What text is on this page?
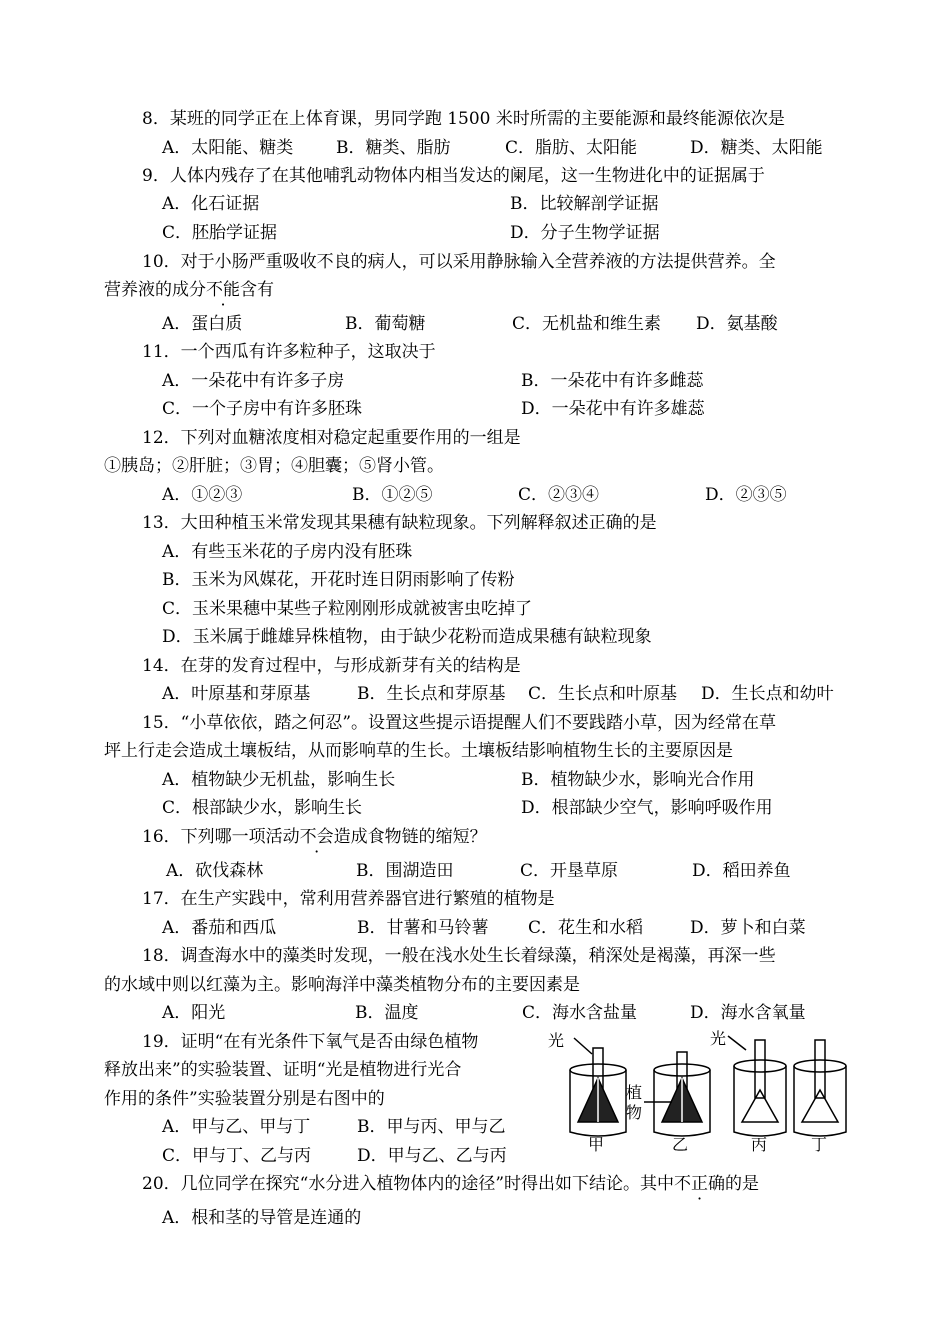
8．某班的同学正在上体育课，男同学跑 1500 米时所需的主要能源和最终能源依次是
A．太阳能、糖类	B．糖类、脂肪	C．脂肪、太阳能	D．糖类、太阳能
9．人体内残存了在其他哺乳动物体内相当发达的阑尾，这一生物进化中的证据属于
A．化石证据	B．比较解剖学证据
C．胚胎学证据	D．分子生物学证据
10．对于小肠严重吸收不良的病人，可以采用静脉输入全营养液的方法提供营养。全
营养液的成分不能含有
A．蛋白质	B．葡萄糖	C．无机盐和维生素 D．氨基酸
11．一个西瓜有许多粒种子，这取决于
A．一朵花中有许多子房	B．一朵花中有许多雌蕊
C．一个子房中有许多胚珠	D．一朵花中有许多雄蕊
12．下列对血糖浓度相对稳定起重要作用的一组是
①胰岛；②肝脏；③胃；④胆囊；⑤肾小管。
A．①②③	B．①②⑤	C．②③④	D．②③⑤
13．大田种植玉米常发现其果穗有缺粒现象。下列解释叙述正确的是
A．有些玉米花的子房内没有胚珠
B．玉米为风媒花，开花时连日阴雨影响了传粉
C．玉米果穗中某些子粒刚刚形成就被害虫吃掉了
D．玉米属于雌雄异株植物，由于缺少花粉而造成果穗有缺粒现象
14．在芽的发育过程中，与形成新芽有关的结构是
A．叶原基和芽原基	B．生长点和芽原基 C．生长点和叶原基 D．生长点和幼叶
15．“小草依依，踏之何忍”。设置这些提示语提醒人们不要践踏小草，因为经常在草
坪上行走会造成土壤板结，从而影响草的生长。土壤板结影响植物生长的主要原因是
A．植物缺少无机盐，影响生长	B．植物缺少水，影响光合作用
C．根部缺少水，影响生长	D．根部缺少空气，影响呼吸作用
16．下列哪一项活动不会造成食物链的缩短？
A．砍伐森林	B．围湖造田	C．开垦草原	D．稻田养鱼
17．在生产实践中，常利用营养器官进行繁殖的植物是
A．番茄和西瓜	B．甘薯和马铃薯 C．花生和水稻	D．萝卜和白菜
18．调查海水中的藻类时发现，一般在浅水处生长着绿藻，稍深处是褐藻，再深一些
的水域中则以红藻为主。影响海洋中藻类植物分布的主要因素是
A．阳光	B．温度	C．海水含盐量	D．海水含氧量
19．证明“在有光条件下氧气是否由绿色植物
释放出来”的实验装置、证明“光是植物进行光合
作用的条件”实验装置分别是右图中的
A．甲与乙、甲与丁	B．甲与丙、甲与乙
C．甲与丁、乙与丙	D．甲与乙、乙与丙
光	光
植
物
甲	乙	丙	丁
20．几位同学在探究“水分进入植物体内的途径”时得出如下结论。其中不正确的是
A．根和茎的导管是连通的
